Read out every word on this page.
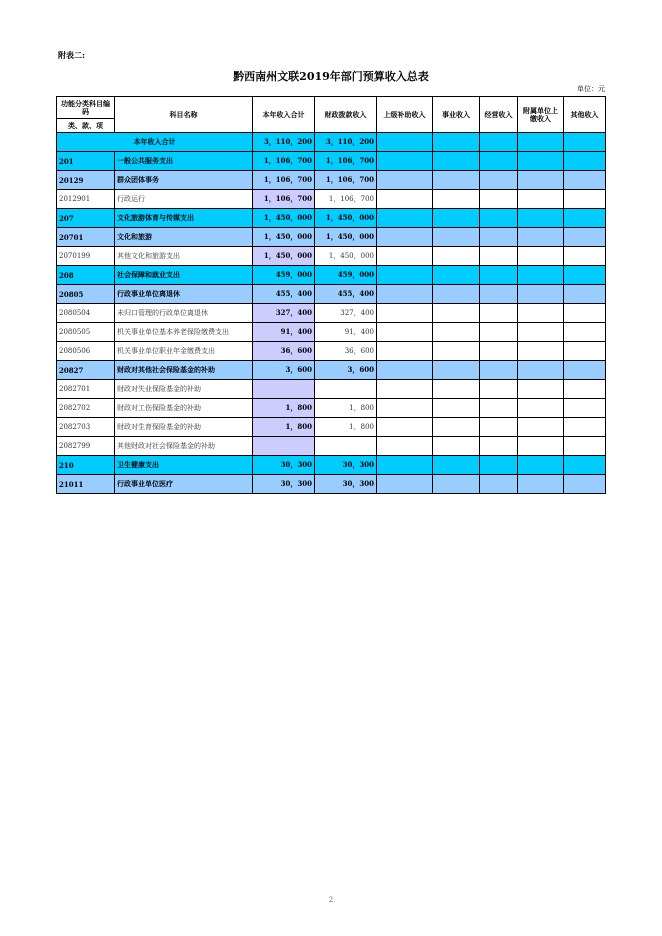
附表二:
黔西南州文联2019年部门预算收入总表
单位：元
功能分类科目编码	科目名称	本年收入合计	财政拨款收入	上级补助收入	事业收入	经营收入	附属单位上缴收入	其他收入
类、款、项								
本年收入合计		3，110，200	3，110，200					
201	一般公共服务支出	1，106，700	1，106，700					
20129	群众团体事务	1，106，700	1，106，700					
2012901	行政运行	1，106，700	1，106，700					
207	文化旅游体育与传媒支出	1，450，000	1，450，000					
20701	文化和旅游	1，450，000	1，450，000					
2070199	其他文化和旅游支出	1，450，000	1，450，000					
208	社会保障和就业支出	459，000	459，000					
20805	行政事业单位离退休	455，400	455，400					
2080504	未归口管理的行政单位离退休	327，400	327，400					
2080505	机关事业单位基本养老保险缴费支出	91，400	91，400					
2080506	机关事业单位职业年金缴费支出	36，600	36，600					
20827	财政对其他社会保险基金的补助	3，600	3，600					
2082701	财政对失业保险基金的补助							
2082702	财政对工伤保险基金的补助	1，800	1，800					
2082703	财政对生育保险基金的补助	1，800	1，800					
2082799	其他财政对社会保险基金的补助							
210	卫生健康支出	30，300	30，300					
21011	行政事业单位医疗	30，300	30，300					
2
